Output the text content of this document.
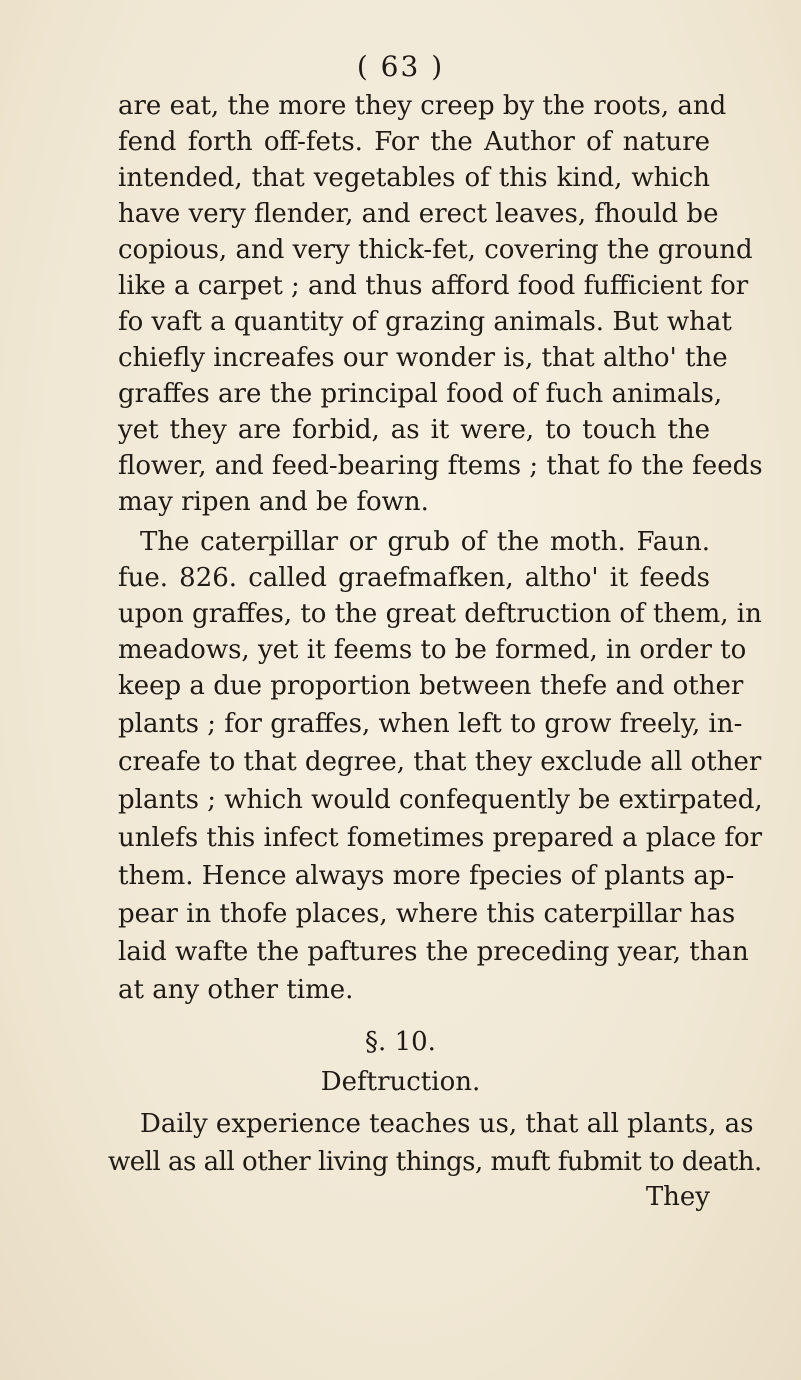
( 63 )
are eat, the more they creep by the roots, and
fend forth off-fets. For the Author of nature
intended, that vegetables of this kind, which
have very flender, and erect leaves, fhould be
copious, and very thick-fet, covering the ground
like a carpet ; and thus afford food fufficient for
fo vaft a quantity of grazing animals. But what
chiefly increafes our wonder is, that altho' the
graffes are the principal food of fuch animals,
yet they are forbid, as it were, to touch the
flower, and feed-bearing ftems ; that fo the feeds
may ripen and be fown.
The caterpillar or grub of the moth. Faun.
fue. 826. called graefmafken, altho' it feeds
upon graffes, to the great deftruction of them, in
meadows, yet it feems to be formed, in order to
keep a due proportion between thefe and other
plants ; for graffes, when left to grow freely, in-
creafe to that degree, that they exclude all other
plants ; which would confequently be extirpated,
unlefs this infect fometimes prepared a place for
them. Hence always more fpecies of plants ap-
pear in thofe places, where this caterpillar has
laid wafte the paftures the preceding year, than
at any other time.
§. 10.
Deftruction.
Daily experience teaches us, that all plants, as
well as all other living things, muft fubmit to death.
They
